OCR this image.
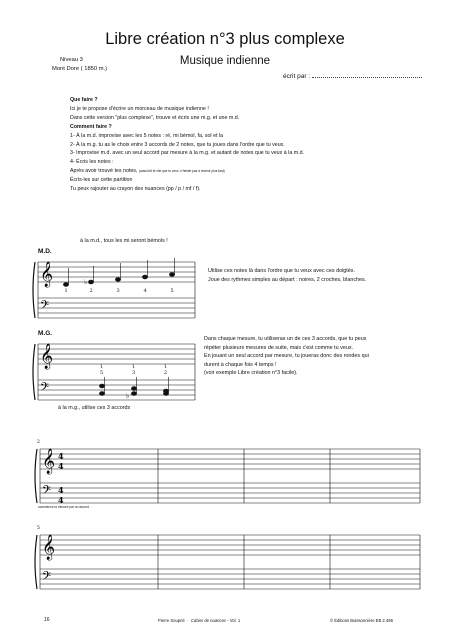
Libre création n°3 plus complexe
Musique indienne
Niveau 3
Mont Dore ( 1850 m.)
écrit par :
Que faire ?
Ici je te propose d'écrire un morceau de musique indienne !
Dans cette version "plus complexe", trouve et écris une m.g. et une m.d.
Comment faire ?
1- À la m.d. improvise avec les 5 notes : ré, mi bémol, fa, sol et la
2- À la m.g. tu as le choix entre 3 accords de 2 notes, que tu joues dans l'ordre que tu veux.
3- Improvise m.d. avec un seul accord par mesure à la m.g. et autant de notes que tu veux à la m.d.
4- Écris les notes :
Après avoir trouvé tes notes, (aussi tôt et vite que tu veux, n'hésite pas à revenir plus tard)
Écris-les sur cette partition
Tu peux rajouter au crayon des nuances (pp / p / mf / f).
à la m.d., tous les mi seront bémols !
M.D.
𝄞
𝄢
♭
1	2	3	4	5
Utilise ces notes là dans l'ordre que tu veux avec ces doigtés.
Joue des rythmes simples au départ : noires, 2 croches, blanches.
M.G.
𝄞
𝄢	♭
1
5
1
3
1
2
à la m.g., utilise ces 3 accords
Dans chaque mesure, tu utiliseras un de ces 3 accords, que tu peux
répéter plusieurs mesures de suite, mais c'est comme tu veux.
En jouant un seul accord par mesure, tu joueras donc des rondes qui
durent à chaque fois 4 temps !
(voir exemple Libre création n°3 facile).
2
𝄞
𝄢
4
4
4
4
commence la mesure par un accord
5
𝄞
𝄢
16	Pierre Souprié  ·  Cahier de nuances - Vol. 1	© Éditions Buissonnière EB 2.496
